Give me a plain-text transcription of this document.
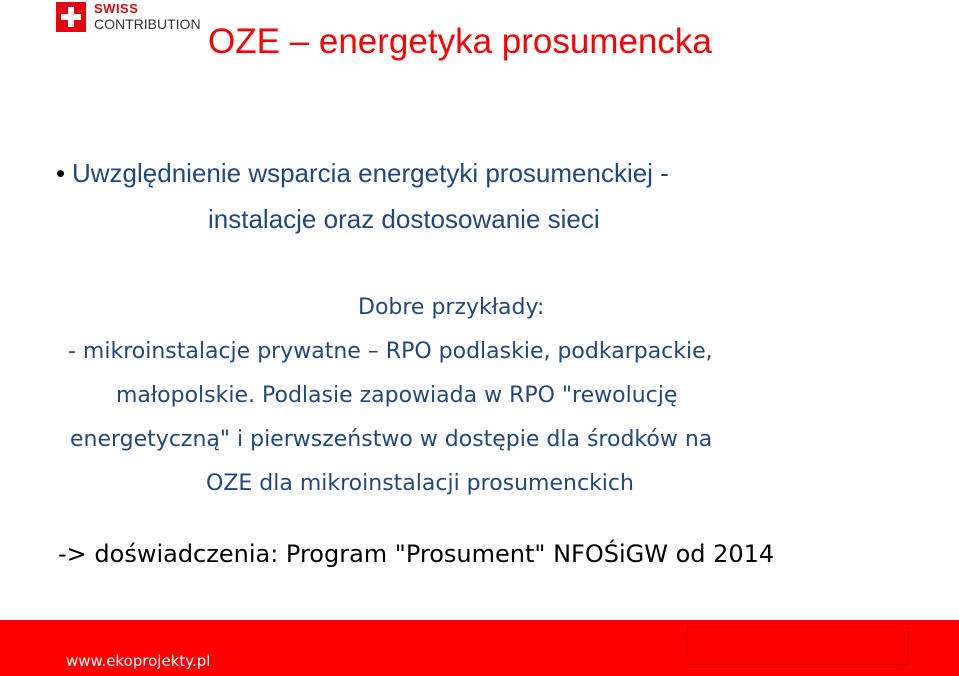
SWISS
CONTRIBUTION OZE – energetyka prosumencka
• Uwzględnienie wsparcia energetyki prosumenckiej -
instalacje oraz dostosowanie sieci
Dobre przykłady:
- mikroinstalacje prywatne – RPO podlaskie, podkarpackie,
małopolskie. Podlasie zapowiada w RPO "rewolucję
energetyczną" i pierwszeństwo w dostępie dla środków na
OZE dla mikroinstalacji prosumenckich
-> doświadczenia: Program "Prosument" NFOŚiGW od 2014
www.ekoprojekty.pl
